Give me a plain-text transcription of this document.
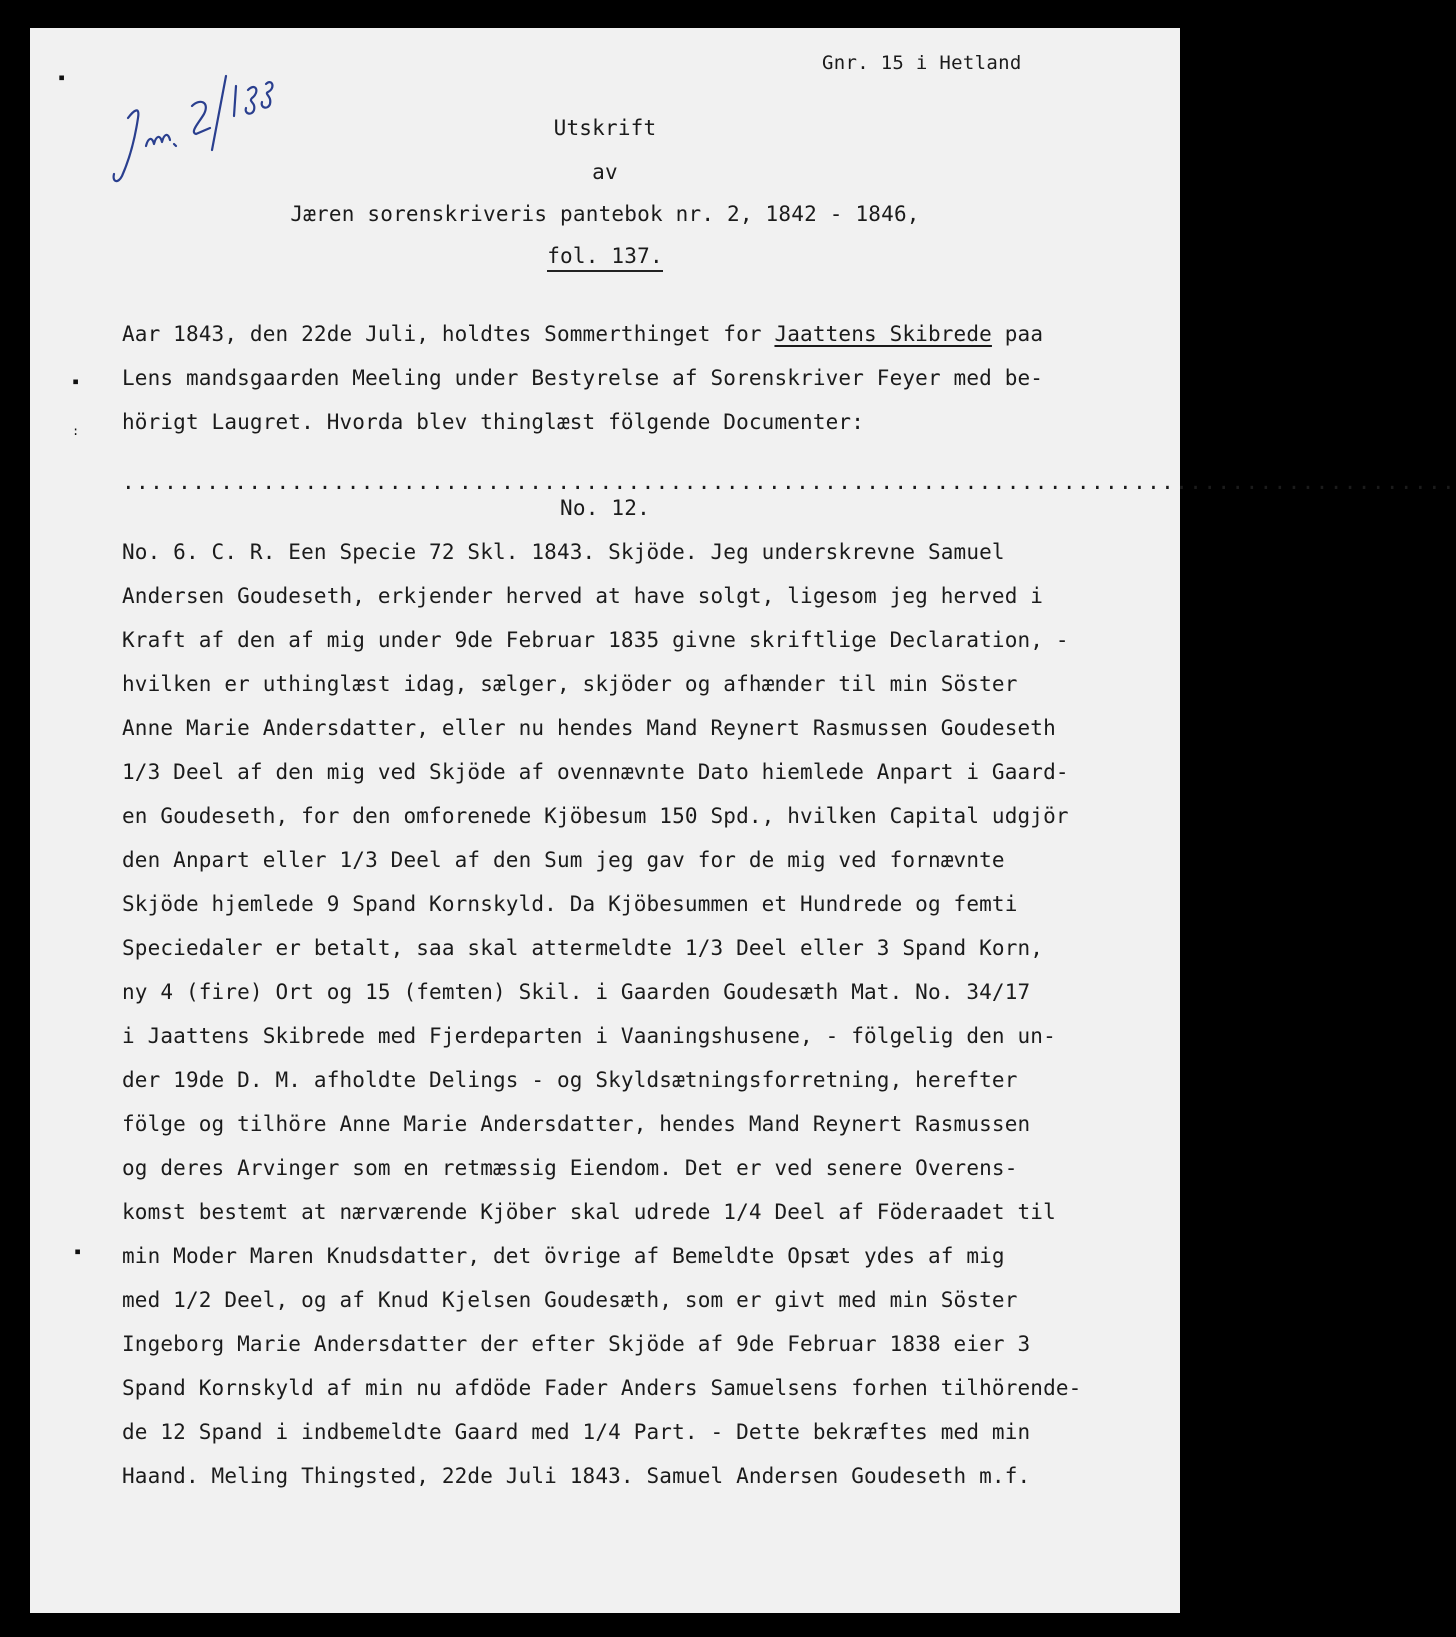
Gnr. 15 i Hetland
▪
▪
:
▪
Utskrift
av
Jæren sorenskriveris pantebok nr. 2, 1842 - 1846,
fol. 137.
Aar 1843, den 22de Juli, holdtes Sommerthinget for Jaattens Skibrede paa
Lens mandsgaarden Meeling under Bestyrelse af Sorenskriver Feyer med be-
hörigt Laugret. Hvorda blev thinglæst fölgende Documenter:
...............................................................................................
No. 12.
No. 6. C. R. Een Specie 72 Skl. 1843. Skjöde. Jeg underskrevne Samuel
Andersen Goudeseth, erkjender herved at have solgt, ligesom jeg herved i
Kraft af den af mig under 9de Februar 1835 givne skriftlige Declaration, -
hvilken er uthinglæst idag, sælger, skjöder og afhænder til min Söster
Anne Marie Andersdatter, eller nu hendes Mand Reynert Rasmussen Goudeseth
1/3 Deel af den mig ved Skjöde af ovennævnte Dato hiemlede Anpart i Gaard-
en Goudeseth, for den omforenede Kjöbesum 150 Spd., hvilken Capital udgjör
den Anpart eller 1/3 Deel af den Sum jeg gav for de mig ved fornævnte
Skjöde hjemlede 9 Spand Kornskyld. Da Kjöbesummen et Hundrede og femti
Speciedaler er betalt, saa skal attermeldte 1/3 Deel eller 3 Spand Korn,
ny 4 (fire) Ort og 15 (femten) Skil. i Gaarden Goudesæth Mat. No. 34/17
i Jaattens Skibrede med Fjerdeparten i Vaaningshusene, - fölgelig den un-
der 19de D. M. afholdte Delings - og Skyldsætningsforretning, herefter
fölge og tilhöre Anne Marie Andersdatter, hendes Mand Reynert Rasmussen
og deres Arvinger som en retmæssig Eiendom. Det er ved senere Overens-
komst bestemt at nærværende Kjöber skal udrede 1/4 Deel af Föderaadet til
min Moder Maren Knudsdatter, det övrige af Bemeldte Opsæt ydes af mig
med 1/2 Deel, og af Knud Kjelsen Goudesæth, som er givt med min Söster
Ingeborg Marie Andersdatter der efter Skjöde af 9de Februar 1838 eier 3
Spand Kornskyld af min nu afdöde Fader Anders Samuelsens forhen tilhörende-
de 12 Spand i indbemeldte Gaard med 1/4 Part. - Dette bekræftes med min
Haand. Meling Thingsted, 22de Juli 1843. Samuel Andersen Goudeseth m.f.
